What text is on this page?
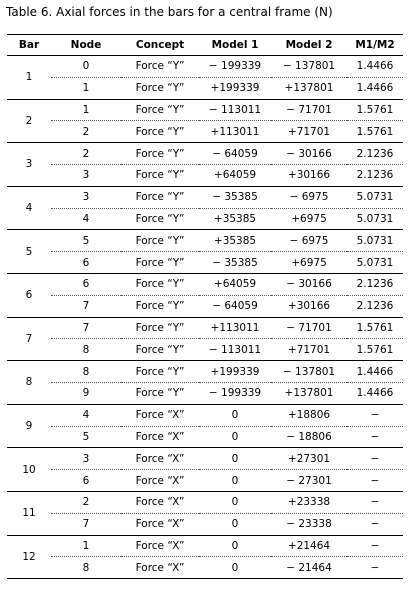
Table 6. Axial forces in the bars for a central frame (N)
Bar	Node	Concept	Model 1	Model 2	M1/M2
1	0	Force “Y”	− 199339	− 137801	1.4466
	1	Force “Y”	+199339	+137801	1.4466
2	1	Force “Y”	− 113011	− 71701	1.5761
	2	Force “Y”	+113011	+71701	1.5761
3	2	Force “Y”	− 64059	− 30166	2.1236
	3	Force “Y”	+64059	+30166	2.1236
4	3	Force “Y”	− 35385	− 6975	5.0731
	4	Force “Y”	+35385	+6975	5.0731
5	5	Force “Y”	+35385	− 6975	5.0731
	6	Force “Y”	− 35385	+6975	5.0731
6	6	Force “Y”	+64059	− 30166	2.1236
	7	Force “Y”	− 64059	+30166	2.1236
7	7	Force “Y”	+113011	− 71701	1.5761
	8	Force “Y”	− 113011	+71701	1.5761
8	8	Force “Y”	+199339	− 137801	1.4466
	9	Force “Y”	− 199339	+137801	1.4466
9	4	Force “X”	0	+18806	−
	5	Force “X”	0	− 18806	−
10	3	Force “X”	0	+27301	−
	6	Force “X”	0	− 27301	−
11	2	Force “X”	0	+23338	−
	7	Force “X”	0	− 23338	−
12	1	Force “X”	0	+21464	−
	8	Force “X”	0	− 21464	−
